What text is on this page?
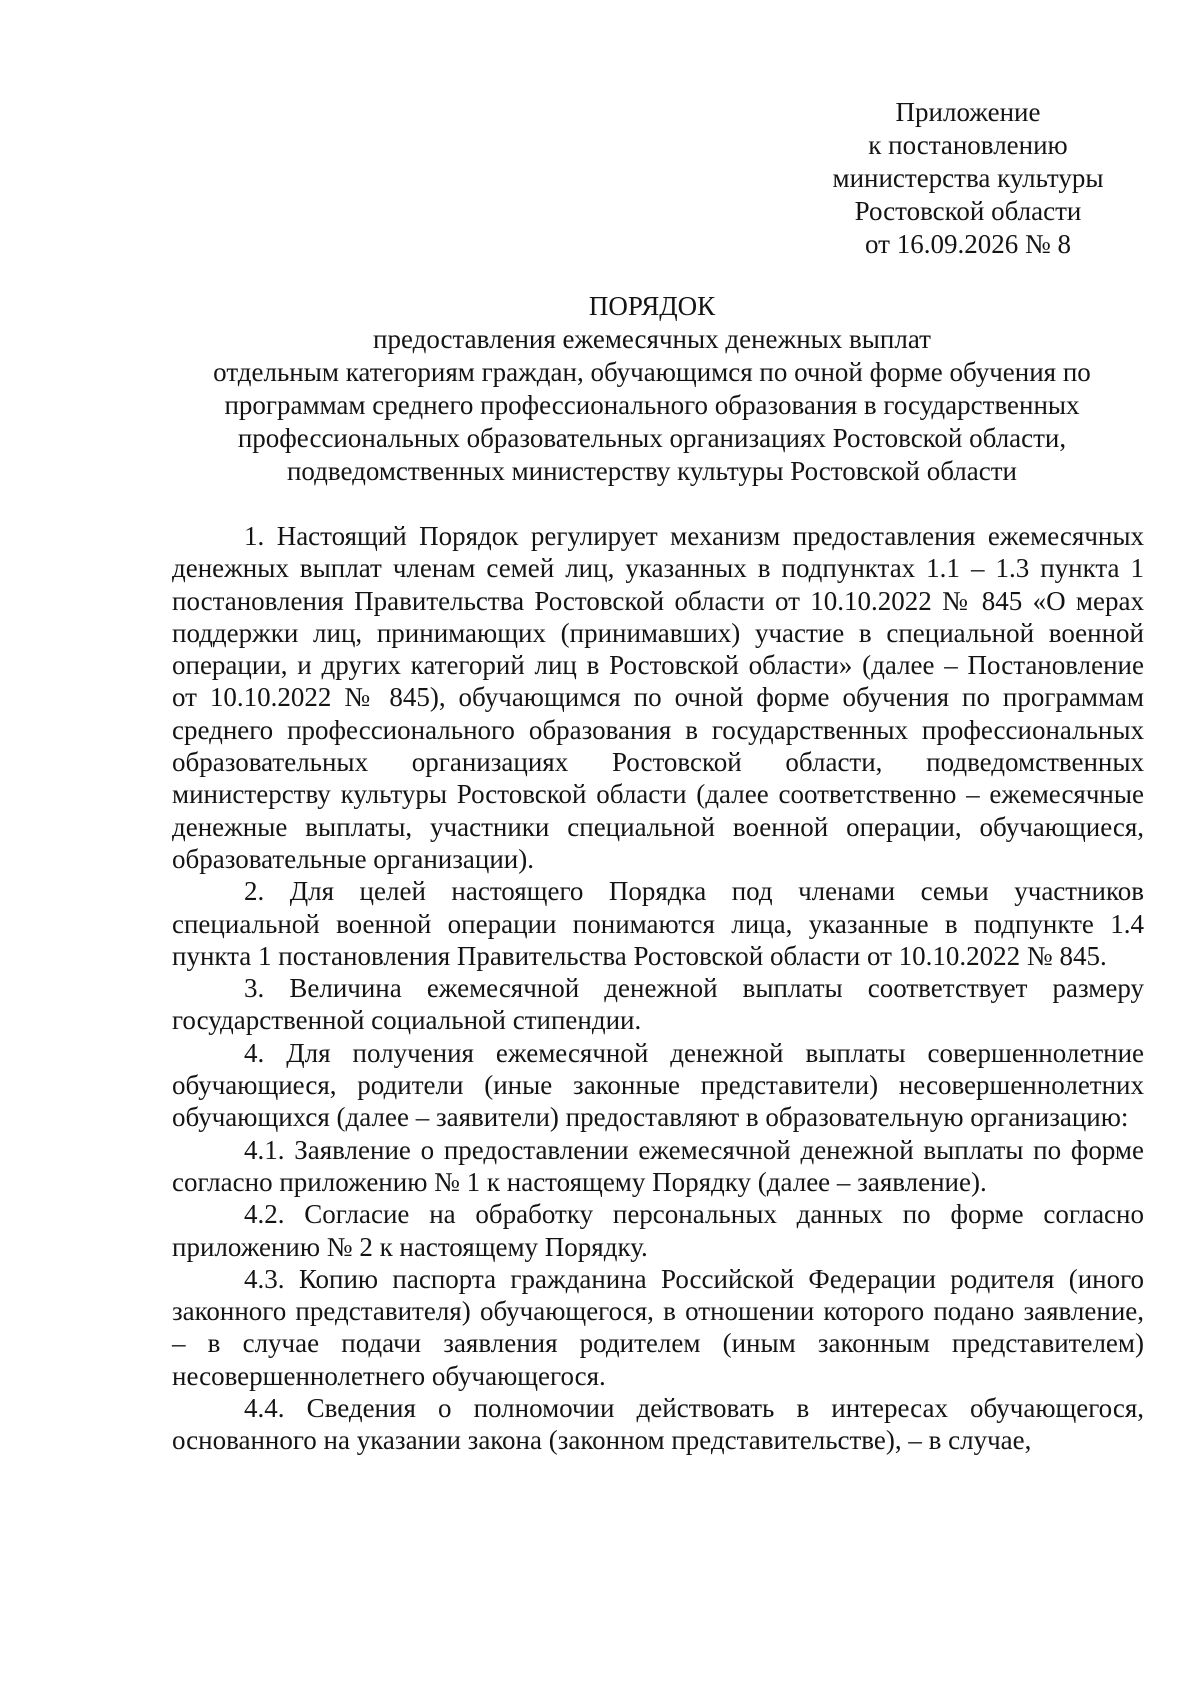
Приложение
к постановлению
министерства культуры
Ростовской области
от 16.09.2026 № 8
ПОРЯДОК
предоставления ежемесячных денежных выплат
отдельным категориям граждан, обучающимся по очной форме обучения по
программам среднего профессионального образования в государственных
профессиональных образовательных организациях Ростовской области,
подведомственных министерству культуры Ростовской области

1. Настоящий Порядок регулирует механизм предоставления ежемесячных денежных выплат членам семей лиц, указанных в подпунктах 1.1 – 1.3 пункта 1 постановления Правительства Ростовской области от 10.10.2022 № 845 «О мерах поддержки лиц, принимающих (принимавших) участие в специальной военной операции, и других категорий лиц в Ростовской области» (далее – Постановление от 10.10.2022 № 845), обучающимся по очной форме обучения по программам среднего профессионального образования в государственных профессиональных образовательных организациях Ростовской области, подведомственных министерству культуры Ростовской области (далее соответственно – ежемесячные денежные выплаты, участники специальной военной операции, обучающиеся, образовательные организации).

2. Для целей настоящего Порядка под членами семьи участников специальной военной операции понимаются лица, указанные в подпункте 1.4 пункта 1 постановления Правительства Ростовской области от 10.10.2022 № 845.

3. Величина ежемесячной денежной выплаты соответствует размеру государственной социальной стипендии.

4. Для получения ежемесячной денежной выплаты совершеннолетние обучающиеся, родители (иные законные представители) несовершеннолетних обучающихся (далее – заявители) предоставляют в образовательную организацию:

4.1. Заявление о предоставлении ежемесячной денежной выплаты по форме согласно приложению № 1 к настоящему Порядку (далее – заявление).

4.2. Согласие на обработку персональных данных по форме согласно приложению № 2 к настоящему Порядку.

4.3. Копию паспорта гражданина Российской Федерации родителя (иного законного представителя) обучающегося, в отношении которого подано заявление, – в случае подачи заявления родителем (иным законным представителем) несовершеннолетнего обучающегося.

4.4. Сведения о полномочии действовать в интересах обучающегося, основанного на указании закона (законном представительстве), – в случае,
